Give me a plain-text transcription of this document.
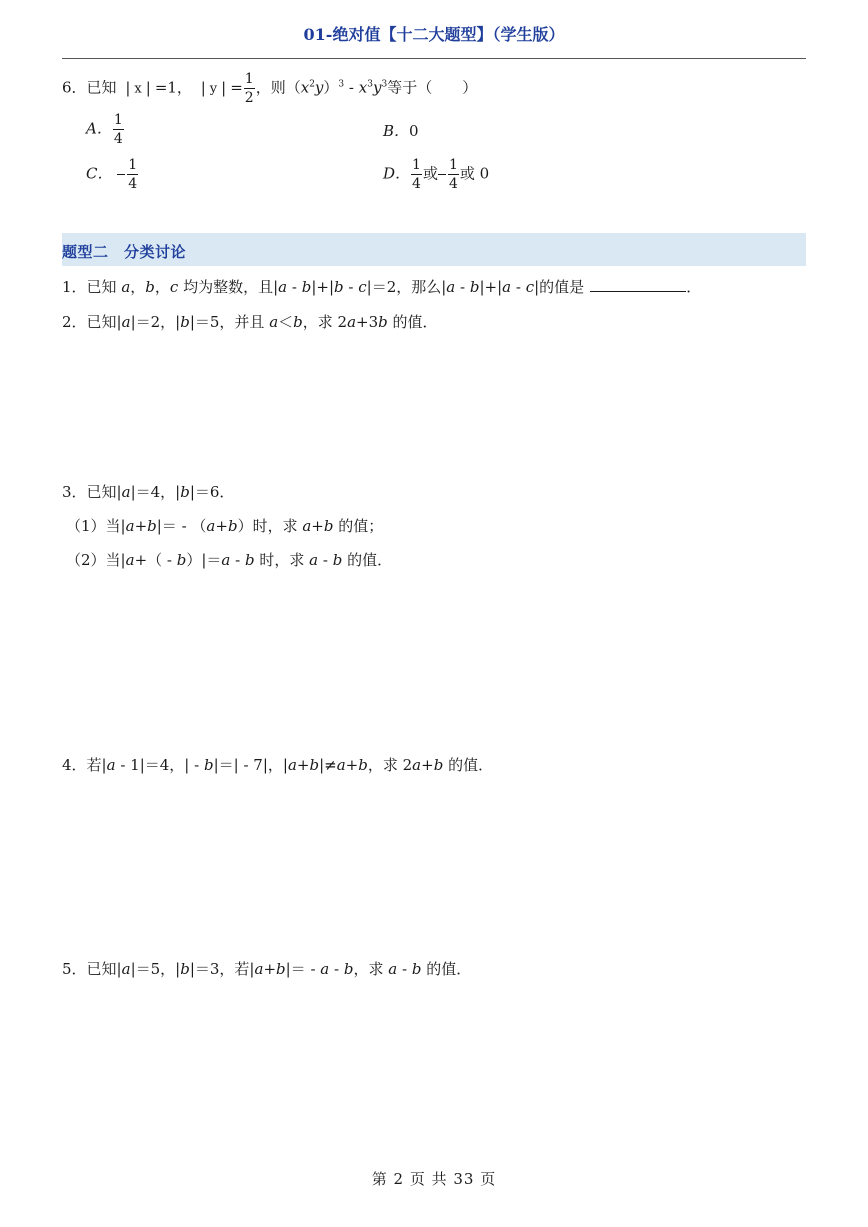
01-绝对值【十二大题型】（学生版）
6．已知 | x | =1， | y | = $\frac{1}{2}$ ，则$(x^2y)^3 - x^3y^3$等于（　　）
A． $\frac{1}{4}$	B．0
C． $\frac{1}{4}$	D． $\frac{1}{4}$ 或 $\frac{1}{4}$ 或 0
题型二　分类讨论
1．已知 a，b，c 均为整数，且|a - b|+|b - c|＝2，那么|a - b|+|a - c|的值是	．
2．已知|a|＝2，|b|＝5，并且 a＜b，求 2a+3b 的值．
3．已知|a|＝4，|b|＝6．
（1）当|a+b|＝ - （a+b）时，求 a+b 的值；
（2）当|a+（ - b）|＝a - b 时，求 a - b 的值．
4．若|a - 1|＝4，| - b|＝| - 7|，|a+b|≠a+b，求 2a+b 的值．
5．已知|a|＝5，|b|＝3，若|a+b|＝ - a - b，求 a - b 的值．
第 2 页 共 33 页
